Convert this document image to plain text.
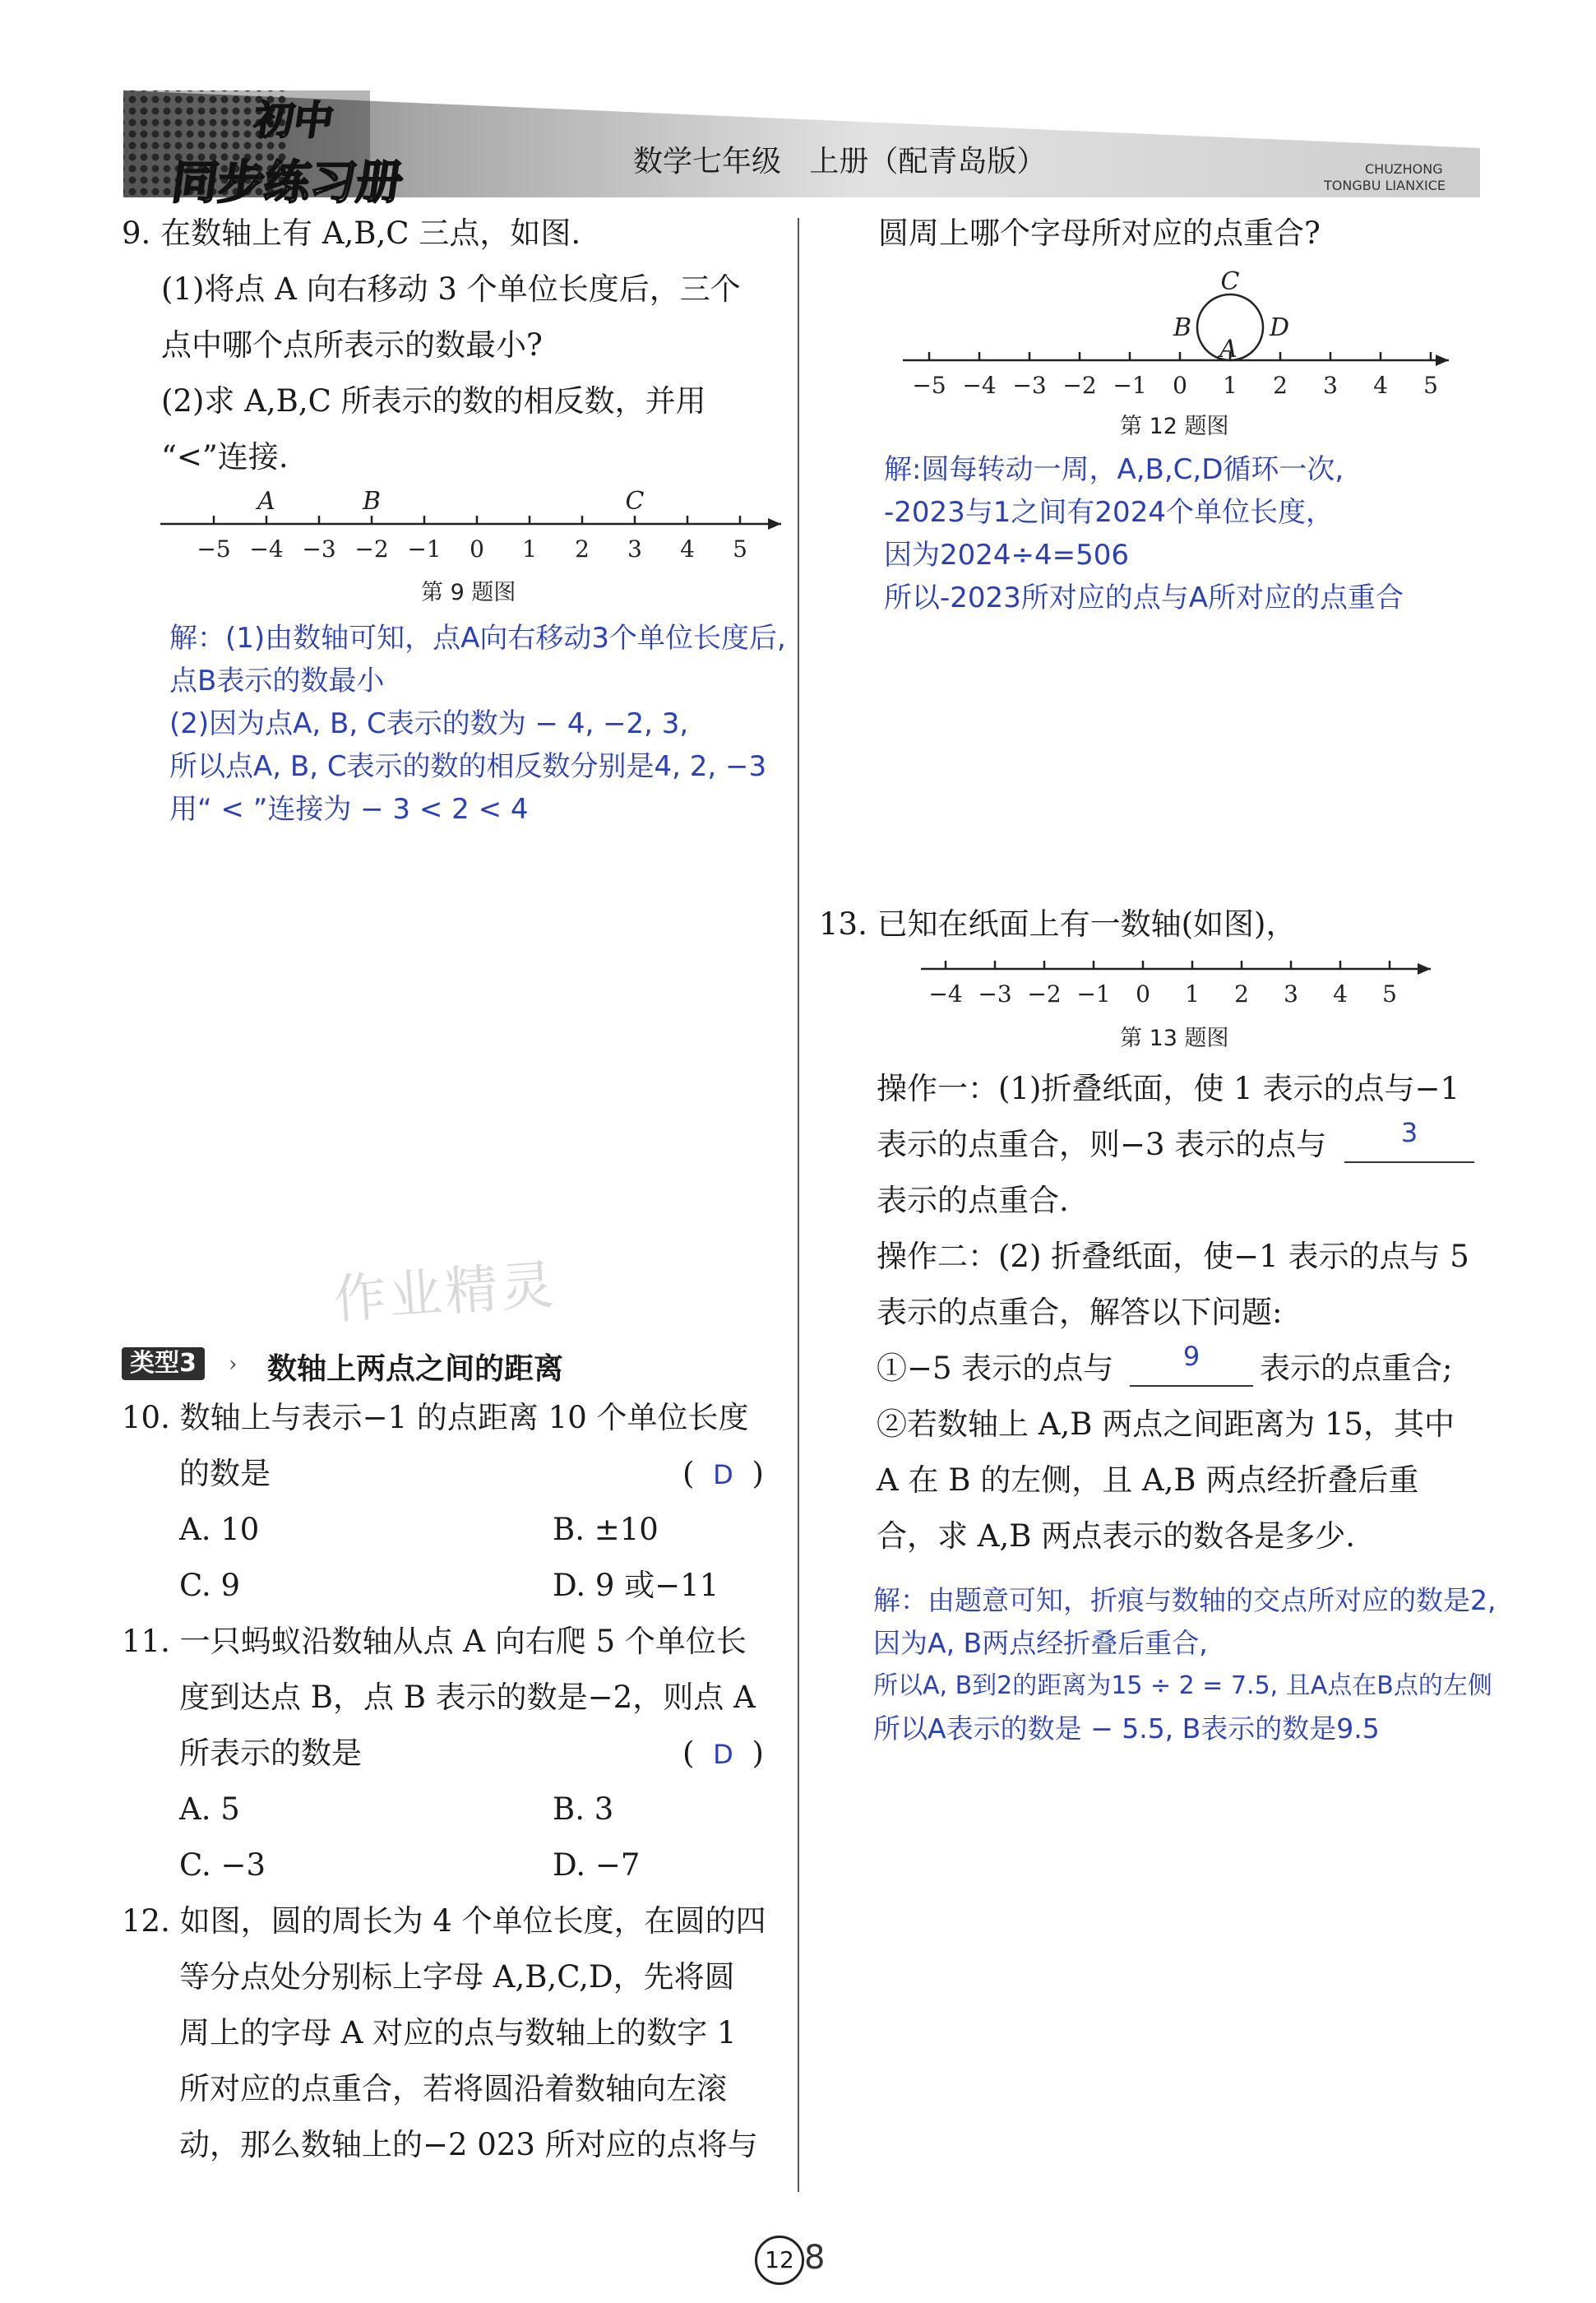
初中
同步练习册	数学七年级   上册（配青岛版）	CHUZHONG
TONGBU LIANXICE
9. 在数轴上有 A,B,C 三点，如图.
(1)将点 A 向右移动 3 个单位长度后，三个
点中哪个点所表示的数最小?
(2)求 A,B,C 所表示的数的相反数，并用
“<”连接.
−5 −4 −3 −2 −1 0 1 2 3 4 5
A	B	C
第 9 题图
解：(1)由数轴可知，点A向右移动3个单位长度后,
点B表示的数最小
(2)因为点A, B, C表示的数为 − 4, −2, 3,
所以点A, B, C表示的数的相反数分别是4, 2, −3
用“ < ”连接为 − 3 < 2 < 4
作业精灵
类型3	› 数轴上两点之间的距离
10. 数轴上与表示−1 的点距离 10 个单位长度
的数是	( D )
A. 10	B. ±10
C. 9	D. 9 或−11
11. 一只蚂蚁沿数轴从点 A 向右爬 5 个单位长
度到达点 B，点 B 表示的数是−2，则点 A
所表示的数是	( D )
A. 5	B. 3
C. −3	D. −7
12. 如图，圆的周长为 4 个单位长度，在圆的四
等分点处分别标上字母 A,B,C,D，先将圆
周上的字母 A 对应的点与数轴上的数字 1
所对应的点重合，若将圆沿着数轴向左滚
动，那么数轴上的−2 023 所对应的点将与
圆周上哪个字母所对应的点重合?
−5 −4 −3 −2 −1 0 1 2 3 4 5
A
B
C
D
第 12 题图
解:圆每转动一周，A,B,C,D循环一次,
-2023与1之间有2024个单位长度，
因为2024÷4=506
所以-2023所对应的点与A所对应的点重合
13. 已知在纸面上有一数轴(如图)，
−4 −3 −2 −1 0 1 2 3 4 5
第 13 题图
操作一：(1)折叠纸面，使 1 表示的点与−1
表示的点重合，则−3 表示的点与	3
表示的点重合.
操作二：(2) 折叠纸面，使−1 表示的点与 5
表示的点重合，解答以下问题:
①−5 表示的点与	9	表示的点重合;
②若数轴上 A,B 两点之间距离为 15，其中
A 在 B 的左侧，且 A,B 两点经折叠后重
合，求 A,B 两点表示的数各是多少.
解：由题意可知，折痕与数轴的交点所对应的数是2,
因为A, B两点经折叠后重合,
所以A, B到2的距离为15 ÷ 2 = 7.5, 且A点在B点的左侧
所以A表示的数是 − 5.5, B表示的数是9.5
12 8
